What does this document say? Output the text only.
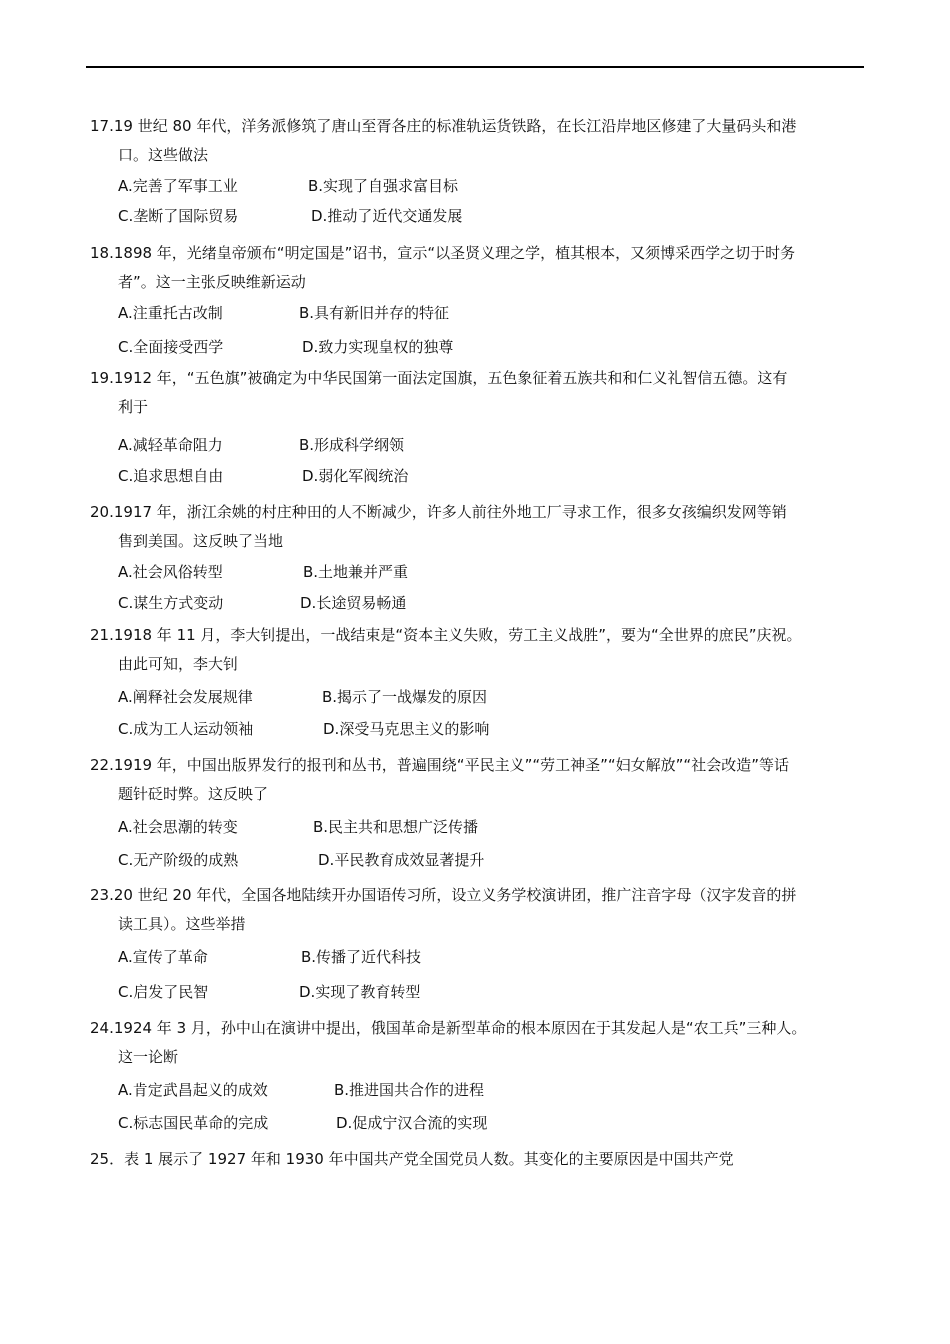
17.19 世纪 80 年代，洋务派修筑了唐山至胥各庄的标准轨运货铁路，在长江沿岸地区修建了大量码头和港
口。这些做法
A.完善了军事工业	B.实现了自强求富目标
C.垄断了国际贸易	D.推动了近代交通发展
18.1898 年，光绪皇帝颁布“明定国是”诏书，宣示“以圣贤义理之学，植其根本，又须博采西学之切于时务
者”。这一主张反映维新运动
A.注重托古改制	B.具有新旧并存的特征
C.全面接受西学	D.致力实现皇权的独尊
19.1912 年，“五色旗”被确定为中华民国第一面法定国旗，五色象征着五族共和和仁义礼智信五德。这有
利于
A.减轻革命阻力	B.形成科学纲领
C.追求思想自由	D.弱化军阀统治
20.1917 年，浙江余姚的村庄种田的人不断减少，许多人前往外地工厂寻求工作，很多女孩编织发网等销
售到美国。这反映了当地
A.社会风俗转型	B.土地兼并严重
C.谋生方式变动	D.长途贸易畅通
21.1918 年 11 月，李大钊提出，一战结束是“资本主义失败，劳工主义战胜”，要为“全世界的庶民”庆祝。
由此可知，李大钊
A.阐释社会发展规律	B.揭示了一战爆发的原因
C.成为工人运动领袖	D.深受马克思主义的影响
22.1919 年，中国出版界发行的报刊和丛书，普遍围绕“平民主义”“劳工神圣”“妇女解放”“社会改造”等话
题针砭时弊。这反映了
A.社会思潮的转变	B.民主共和思想广泛传播
C.无产阶级的成熟	D.平民教育成效显著提升
23.20 世纪 20 年代，全国各地陆续开办国语传习所，设立义务学校演讲团，推广注音字母（汉字发音的拼
读工具）。这些举措
A.宣传了革命	B.传播了近代科技
C.启发了民智	D.实现了教育转型
24.1924 年 3 月，孙中山在演讲中提出，俄国革命是新型革命的根本原因在于其发起人是“农工兵”三种人。
这一论断
A.肯定武昌起义的成效	B.推进国共合作的进程
C.标志国民革命的完成	D.促成宁汉合流的实现
25．表 1 展示了 1927 年和 1930 年中国共产党全国党员人数。其变化的主要原因是中国共产党
